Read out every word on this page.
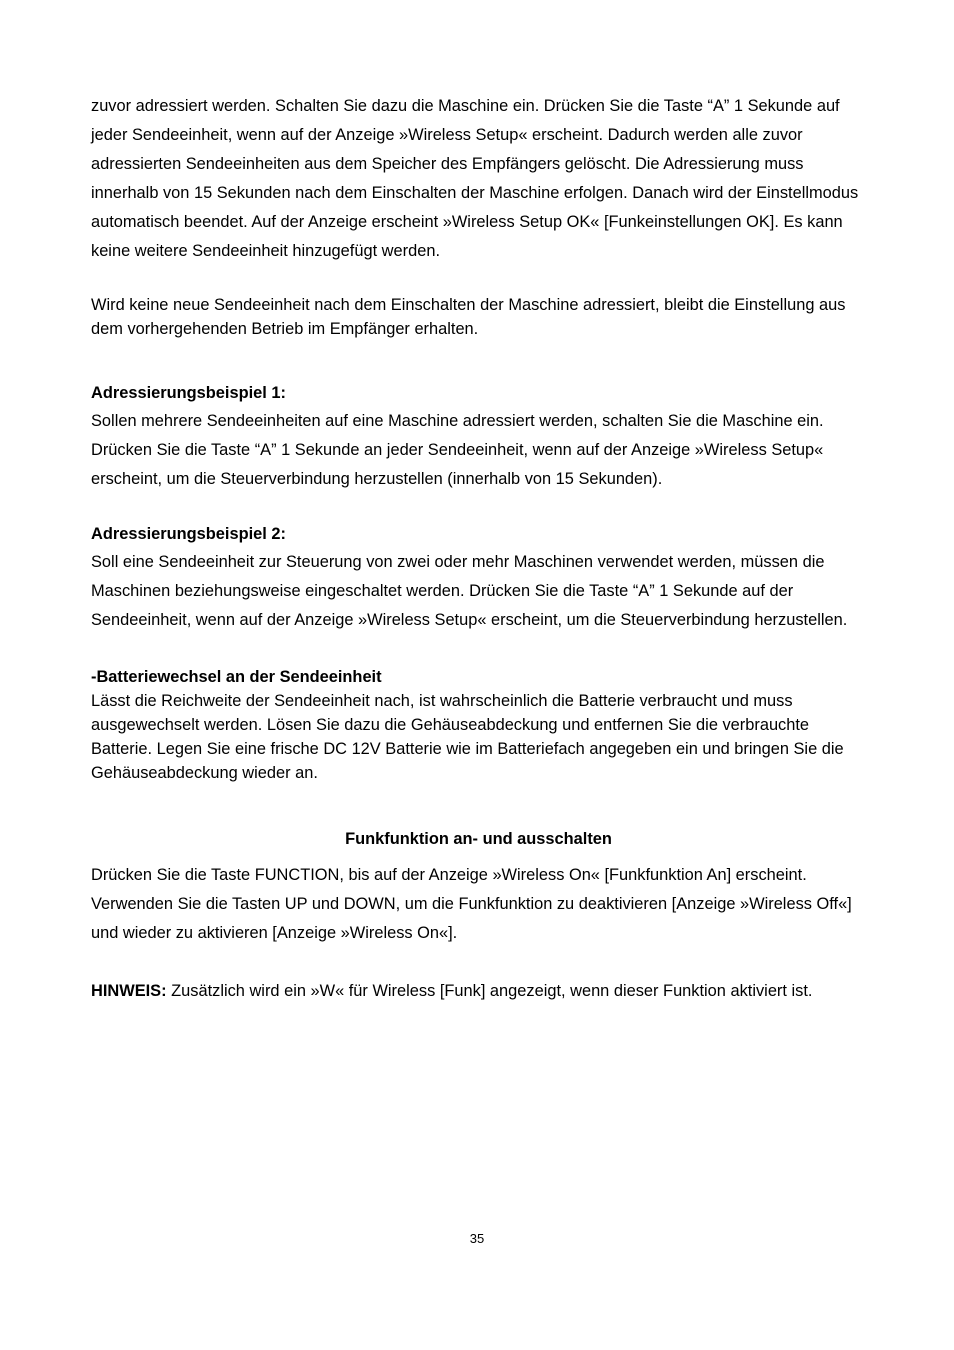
zuvor adressiert werden. Schalten Sie dazu die Maschine ein. Drücken Sie die Taste “A” 1 Sekunde auf jeder Sendeeinheit, wenn auf der Anzeige »Wireless Setup« erscheint. Dadurch werden alle zuvor adressierten Sendeeinheiten aus dem Speicher des Empfängers gelöscht. Die Adressierung muss innerhalb von 15 Sekunden nach dem Einschalten der Maschine erfolgen. Danach wird der Einstellmodus automatisch beendet. Auf der Anzeige erscheint »Wireless Setup OK« [Funkeinstellungen OK]. Es kann keine weitere Sendeeinheit hinzugefügt werden.

Wird keine neue Sendeeinheit nach dem Einschalten der Maschine adressiert, bleibt die Einstellung aus dem vorhergehenden Betrieb im Empfänger erhalten.

Adressierungsbeispiel 1:

Sollen mehrere Sendeeinheiten auf eine Maschine adressiert werden, schalten Sie die Maschine ein. Drücken Sie die Taste “A” 1 Sekunde an jeder Sendeeinheit, wenn auf der Anzeige »Wireless Setup« erscheint, um die Steuerverbindung herzustellen (innerhalb von 15 Sekunden).

Adressierungsbeispiel 2:

Soll eine Sendeeinheit zur Steuerung von zwei oder mehr Maschinen verwendet werden, müssen die Maschinen beziehungsweise eingeschaltet werden. Drücken Sie die Taste “A” 1 Sekunde auf der Sendeeinheit, wenn auf der Anzeige »Wireless Setup« erscheint, um die Steuerverbindung herzustellen.

-Batteriewechsel an der Sendeeinheit

Lässt die Reichweite der Sendeeinheit nach, ist wahrscheinlich die Batterie verbraucht und muss ausgewechselt werden. Lösen Sie dazu die Gehäuseabdeckung und entfernen Sie die verbrauchte Batterie. Legen Sie eine frische DC 12V Batterie wie im Batteriefach angegeben ein und bringen Sie die Gehäuseabdeckung wieder an.

Funkfunktion an- und ausschalten

Drücken Sie die Taste FUNCTION, bis auf der Anzeige »Wireless On« [Funkfunktion An] erscheint. Verwenden Sie die Tasten UP und DOWN, um die Funkfunktion zu deaktivieren [Anzeige »Wireless Off«] und wieder zu aktivieren [Anzeige »Wireless On«].

HINWEIS: Zusätzlich wird ein »W« für Wireless [Funk] angezeigt, wenn dieser Funktion aktiviert ist.

35
